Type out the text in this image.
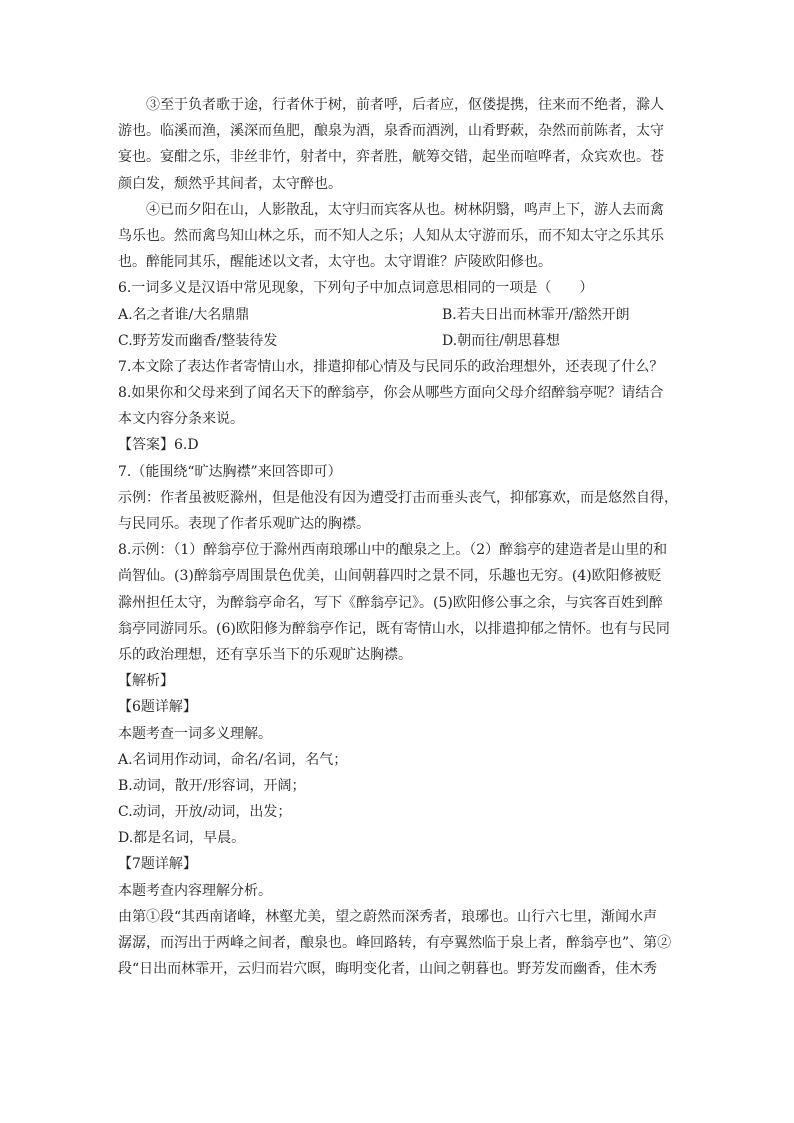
③至于负者歌于途，行者休于树，前者呼，后者应，伛偻提携，往来而不绝者，滁人
游也。临溪而渔，溪深而鱼肥，酿泉为酒，泉香而酒洌，山肴野蔌，杂然而前陈者，太守
宴也。宴酣之乐，非丝非竹，射者中，弈者胜，觥筹交错，起坐而喧哗者，众宾欢也。苍
颜白发，颓然乎其间者，太守醉也。
④已而夕阳在山，人影散乱，太守归而宾客从也。树林阴翳，鸣声上下，游人去而禽
鸟乐也。然而禽鸟知山林之乐，而不知人之乐；人知从太守游而乐，而不知太守之乐其乐
也。醉能同其乐，醒能述以文者，太守也。太守谓谁？庐陵欧阳修也。
6.一词多义是汉语中常见现象，下列句子中加点词意思相同的一项是（　　）
A.名之者谁/大名鼎鼎	B.若夫日出而林霏开/豁然开朗
C.野芳发而幽香/整装待发	D.朝而往/朝思暮想
7.本文除了表达作者寄情山水，排遣抑郁心情及与民同乐的政治理想外，还表现了什么？
8.如果你和父母来到了闻名天下的醉翁亭，你会从哪些方面向父母介绍醉翁亭呢？请结合
本文内容分条来说。
【答案】6.D
7.（能围绕“旷达胸襟”来回答即可）
示例：作者虽被贬滁州，但是他没有因为遭受打击而垂头丧气，抑郁寡欢，而是悠然自得，
与民同乐。表现了作者乐观旷达的胸襟。
8.示例：（1）醉翁亭位于滁州西南琅琊山中的酿泉之上。（2）醉翁亭的建造者是山里的和
尚智仙。(3)醉翁亭周围景色优美，山间朝暮四时之景不同，乐趣也无穷。(4)欧阳修被贬
滁州担任太守，为醉翁亭命名，写下《醉翁亭记》。(5)欧阳修公事之余，与宾客百姓到醉
翁亭同游同乐。(6)欧阳修为醉翁亭作记，既有寄情山水，以排遣抑郁之情怀。也有与民同
乐的政治理想，还有享乐当下的乐观旷达胸襟。
【解析】
【6题详解】
本题考查一词多义理解。
A.名词用作动词，命名/名词，名气；
B.动词，散开/形容词，开阔；
C.动词，开放/动词，出发；
D.都是名词，早晨。
【7题详解】
本题考查内容理解分析。
由第①段“其西南诸峰，林壑尤美，望之蔚然而深秀者，琅琊也。山行六七里，渐闻水声
潺潺，而泻出于两峰之间者，酿泉也。峰回路转，有亭翼然临于泉上者，醉翁亭也”、第②
段“日出而林霏开，云归而岩穴暝，晦明变化者，山间之朝暮也。野芳发而幽香，佳木秀
